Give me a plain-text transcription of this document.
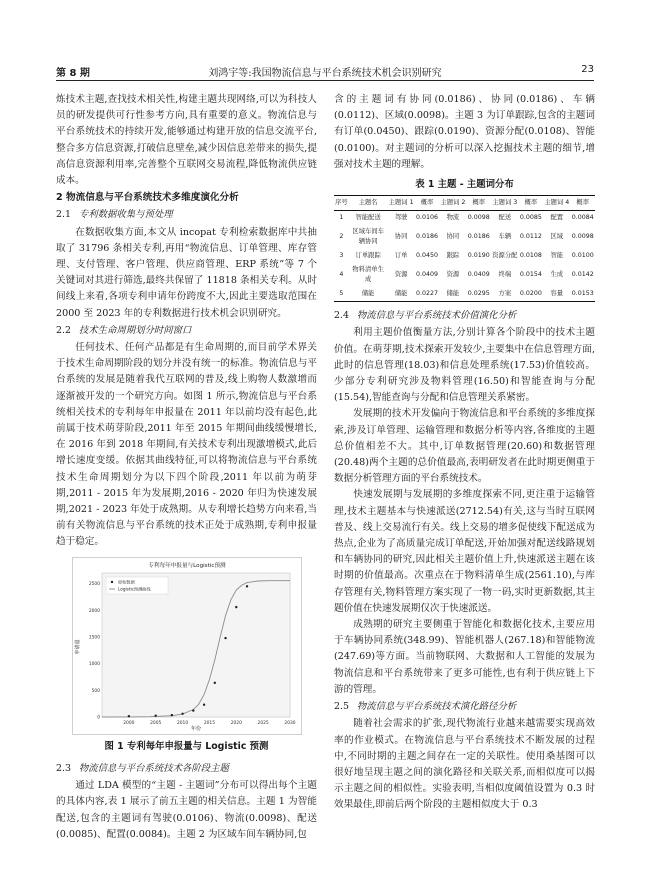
第 8 期	刘鸿宇等:我国物流信息与平台系统技术机会识别研究	23

炼技术主题,查找技术相关性,构建主题共现网络,可以为科技人员的研发提供可行性参考方向,具有重要的意义。物流信息与平台系统技术的持续开发,能够通过构建开放的信息交流平台,整合多方信息资源,打破信息壁垒,减少因信息差带来的损失,提高信息资源利用率,完善整个互联网交易流程,降低物流供应链成本。

2 物流信息与平台系统技术多维度演化分析
2.1 专利数据收集与预处理

在数据收集方面,本文从 incopat 专利检索数据库中共抽取了 31796 条相关专利,再用“物流信息、订单管理、库存管理、支付管理、客户管理、供应商管理、ERP 系统”等 7 个关键词对其进行筛选,最终共保留了 11818 条相关专利。从时间线上来看,各项专利申请年份跨度不大,因此主要选取范围在 2000 至 2023 年的专利数据进行技术机会识别研究。

2.2 技术生命周期划分时间窗口

任何技术、任何产品都是有生命周期的,而目前学术界关于技术生命周期阶段的划分并没有统一的标准。物流信息与平台系统的发展是随着我代互联网的普及,线上购物人数激增而逐渐被开发的一个研究方向。如图 1 所示,物流信息与平台系统相关技术的专利每年申报量在 2011 年以前均没有起色,此前属于技术萌芽阶段,2011 年至 2015 年期间曲线缓慢增长,在 2016 年到 2018 年期间,有关技术专利出现激增模式,此后增长速度变缓。依据其曲线特征,可以将物流信息与平台系统技术生命周期划分为以下四个阶段,2011 年以前为萌芽期,2011 - 2015 年为发展期,2016 - 2020 年归为快速发展期,2021 - 2023 年处于成熟期。从专利增长趋势方向来看,当前有关物流信息与平台系统的技术正处于成熟期,专利申报量趋于稳定。

专利每年申报量与Logistic预测
2000	2005	2010	2015	2020	2025	2030
0
500
1000
1500
2000
2500
原始数据
Logistic预测曲线
年份
申请量
图 1 专利每年申报量与 Logistic 预测
2.3 物流信息与平台系统技术各阶段主题

通过 LDA 模型的“主题 - 主题词”分布可以得出每个主题的具体内容,表 1 展示了前五主题的相关信息。主题 1 为智能配送,包含的主题词有驾驶(0.0106)、物流(0.0098)、配送(0.0085)、配置(0.0084)。主题 2 为区域车间车辆协同,包

含的主题词有协同(0.0186)、协同(0.0186)、车辆(0.0112)、区域(0.0098)。主题 3 为订单跟踪,包含的主题词有订单(0.0450)、跟踪(0.0190)、资源分配(0.0108)、智能(0.0100)。对主题词的分析可以深入挖掘技术主题的细节,增强对技术主题的理解。

表 1 主题 - 主题词分布
序号	主题名	主题词 1	概率	主题词 2	概率	主题词 3	概率	主题词 4	概率
1	智能配送	驾驶	0.0106	物流	0.0098	配送	0.0085	配置	0.0084
2	区域车间车辆协同	协同	0.0186	协同	0.0186	车辆	0.0112	区域	0.0098
3	订单跟踪	订单	0.0450	跟踪	0.0190	资源分配	0.0108	智能	0.0100
4	物料清单生成	资源	0.0409	资源	0.0409	终端	0.0154	生成	0.0142
5	储能	储能	0.0227	储能	0.0295	方案	0.0200	容量	0.0153
2.4 物流信息与平台系统技术价值演化分析

利用主题价值衡量方法,分别计算各个阶段中的技术主题价值。在萌芽期,技术探索开发较少,主要集中在信息管理方面,此时的信息管理(18.03)和信息处理系统(17.53)价值较高。少部分专利研究涉及物料管理(16.50)和智能查询与分配(15.54),智能查询与分配和信息管理关系紧密。

发展期的技术开发偏向于物流信息和平台系统的多维度探索,涉及订单管理、运输管理和数据分析等内容,各维度的主题总价值相差不大。其中,订单数据管理(20.60)和数据管理(20.48)两个主题的总价值最高,表明研发者在此时期更侧重于数据分析管理方面的平台系统技术。

快速发展期与发展期的多维度探索不同,更注重于运输管理,技术主题基本与快速派送(2712.54)有关,这与当时互联网普及、线上交易流行有关。线上交易的增多促使线下配送成为热点,企业为了高质量完成订单配送,开始加强对配送线路规划和车辆协同的研究,因此相关主题价值上升,快速派送主题在该时期的价值最高。次重点在于物料清单生成(2561.10),与库存管理有关,物料管理方案实现了一物一码,实时更新数据,其主题价值在快速发展期仅次于快速派送。

成熟期的研究主要侧重于智能化和数据化技术,主要应用于车辆协同系统(348.99)、智能机器人(267.18)和智能物流(247.69)等方面。当前物联网、大数据和人工智能的发展为物流信息和平台系统带来了更多可能性,也有利于供应链上下游的管理。

2.5 物流信息与平台系统技术演化路径分析

随着社会需求的扩张,现代物流行业越来越需要实现高效率的作业模式。在物流信息与平台系统技术不断发展的过程中,不同时期的主题之间存在一定的关联性。使用桑基图可以很好地呈现主题之间的演化路径和关联关系,而相似度可以揭示主题之间的相似性。实验表明,当相似度阈值设置为 0.3 时效果最佳,即前后两个阶段的主题相似度大于 0.3
